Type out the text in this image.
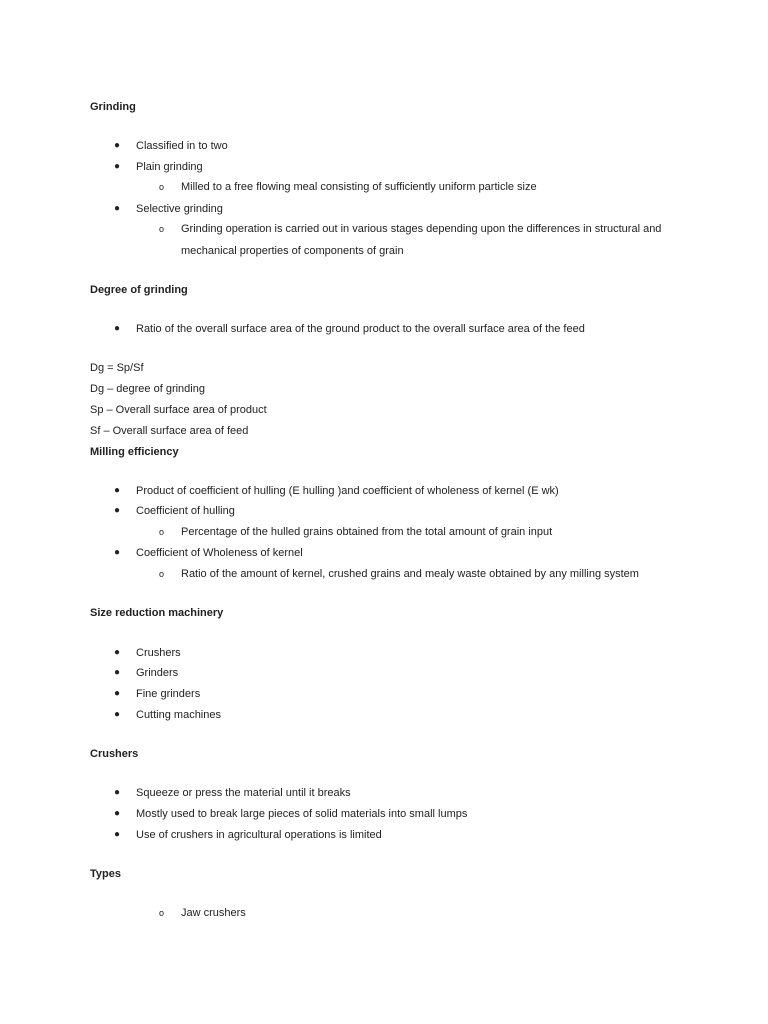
Grinding
● Classified in to two
● Plain grinding
o Milled to a free flowing meal consisting of sufficiently uniform particle size
● Selective grinding
o Grinding operation is carried out in various stages depending upon the differences in structural and
mechanical properties of components of grain
Degree of grinding
● Ratio of the overall surface area of the ground product to the overall surface area of the feed
Dg = Sp/Sf
Dg – degree of grinding
Sp – Overall surface area of product
Sf – Overall surface area of feed
Milling efficiency
● Product of coefficient of hulling (E hulling )and coefficient of wholeness of kernel (E wk)
● Coefficient of hulling
o Percentage of the hulled grains obtained from the total amount of grain input
● Coefficient of Wholeness of kernel
o Ratio of the amount of kernel, crushed grains and mealy waste obtained by any milling system
Size reduction machinery
● Crushers
● Grinders
● Fine grinders
● Cutting machines
Crushers
● Squeeze or press the material until it breaks
● Mostly used to break large pieces of solid materials into small lumps
● Use of crushers in agricultural operations is limited
Types
o Jaw crushers
